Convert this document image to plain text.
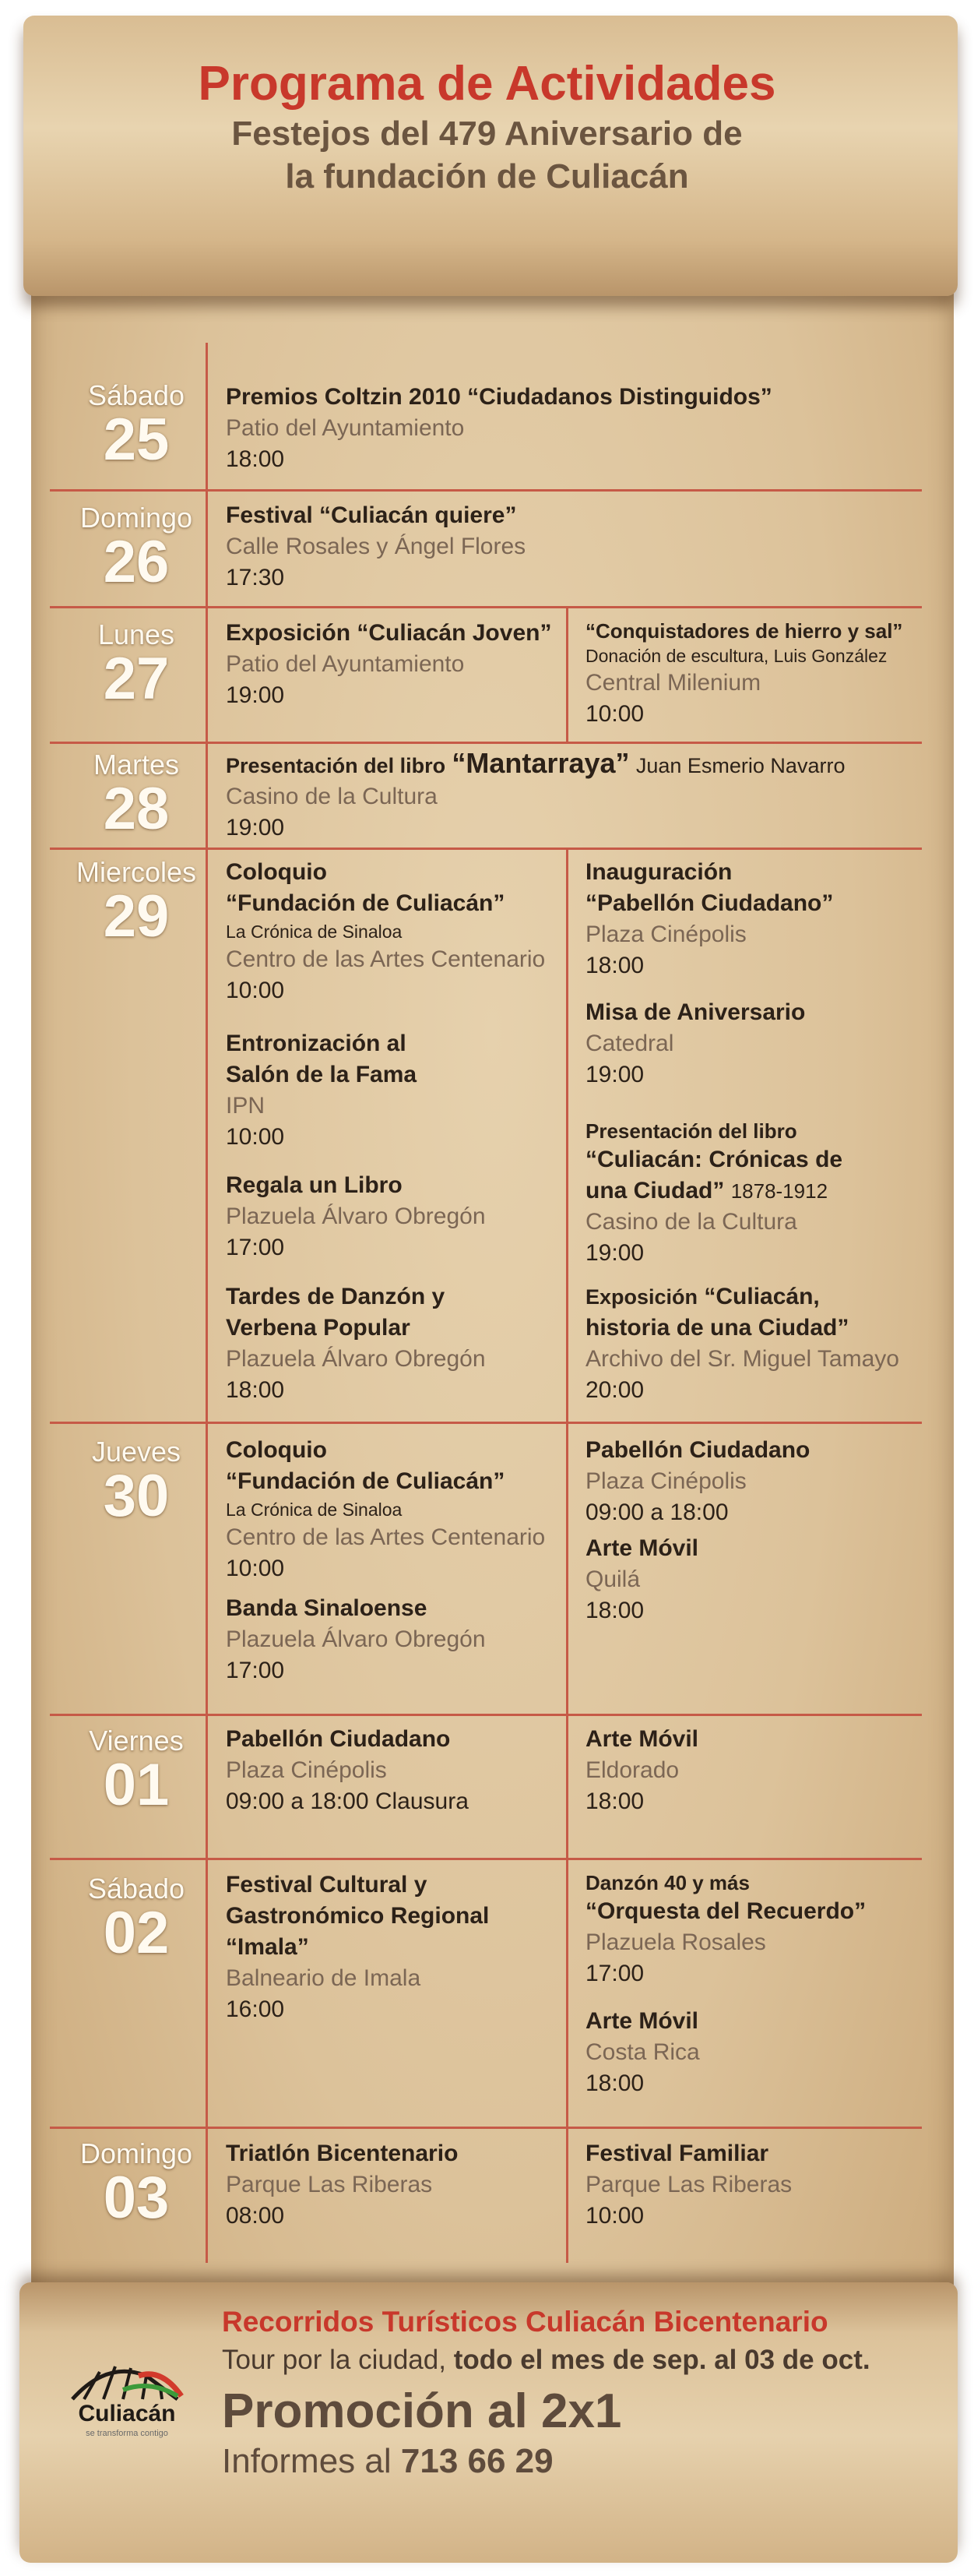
Programa de Actividades

Festejos del 479 Aniversario de

la fundación de Culiacán

Sábado
25
Domingo
26
Lunes
27
Martes
28
Miercoles
29
Jueves
30
Viernes
01
Sábado
02
Domingo
03
Premios Coltzin 2010 “Ciudadanos Distinguidos”
Patio del Ayuntamiento
18:00
Festival “Culiacán quiere”
Calle Rosales y Ángel Flores
17:30
Exposición “Culiacán Joven”
Patio del Ayuntamiento
19:00
“Conquistadores de hierro y sal”
Donación de escultura, Luis González
Central Milenium
10:00
Presentación del libro “Mantarraya” Juan Esmerio Navarro
Casino de la Cultura
19:00
Coloquio
“Fundación de Culiacán”
La Crónica de Sinaloa
Centro de las Artes Centenario
10:00
Entronización al
Salón de la Fama
IPN
10:00
Regala un Libro
Plazuela Álvaro Obregón
17:00
Tardes de Danzón y
Verbena Popular
Plazuela Álvaro Obregón
18:00
Inauguración
“Pabellón Ciudadano”
Plaza Cinépolis
18:00
Misa de Aniversario
Catedral
19:00
Presentación del libro
“Culiacán: Crónicas de
una Ciudad” 1878-1912
Casino de la Cultura
19:00
Exposición “Culiacán,
historia de una Ciudad”
Archivo del Sr. Miguel Tamayo
20:00
Coloquio
“Fundación de Culiacán”
La Crónica de Sinaloa
Centro de las Artes Centenario
10:00
Banda Sinaloense
Plazuela Álvaro Obregón
17:00
Pabellón Ciudadano
Plaza Cinépolis
09:00 a 18:00
Arte Móvil
Quilá
18:00
Pabellón Ciudadano
Plaza Cinépolis
09:00 a 18:00 Clausura
Arte Móvil
Eldorado
18:00
Festival Cultural y
Gastronómico Regional
“Imala”
Balneario de Imala
16:00
Danzón 40 y más
“Orquesta del Recuerdo”
Plazuela Rosales
17:00
Arte Móvil
Costa Rica
18:00
Triatlón Bicentenario
Parque Las Riberas
08:00
Festival Familiar
Parque Las Riberas
10:00
Culiacán
se transforma contigo
Recorridos Turísticos Culiacán Bicentenario
Tour por la ciudad, todo el mes de sep. al 03 de oct.
Promoción al 2x1
Informes al 713 66 29
